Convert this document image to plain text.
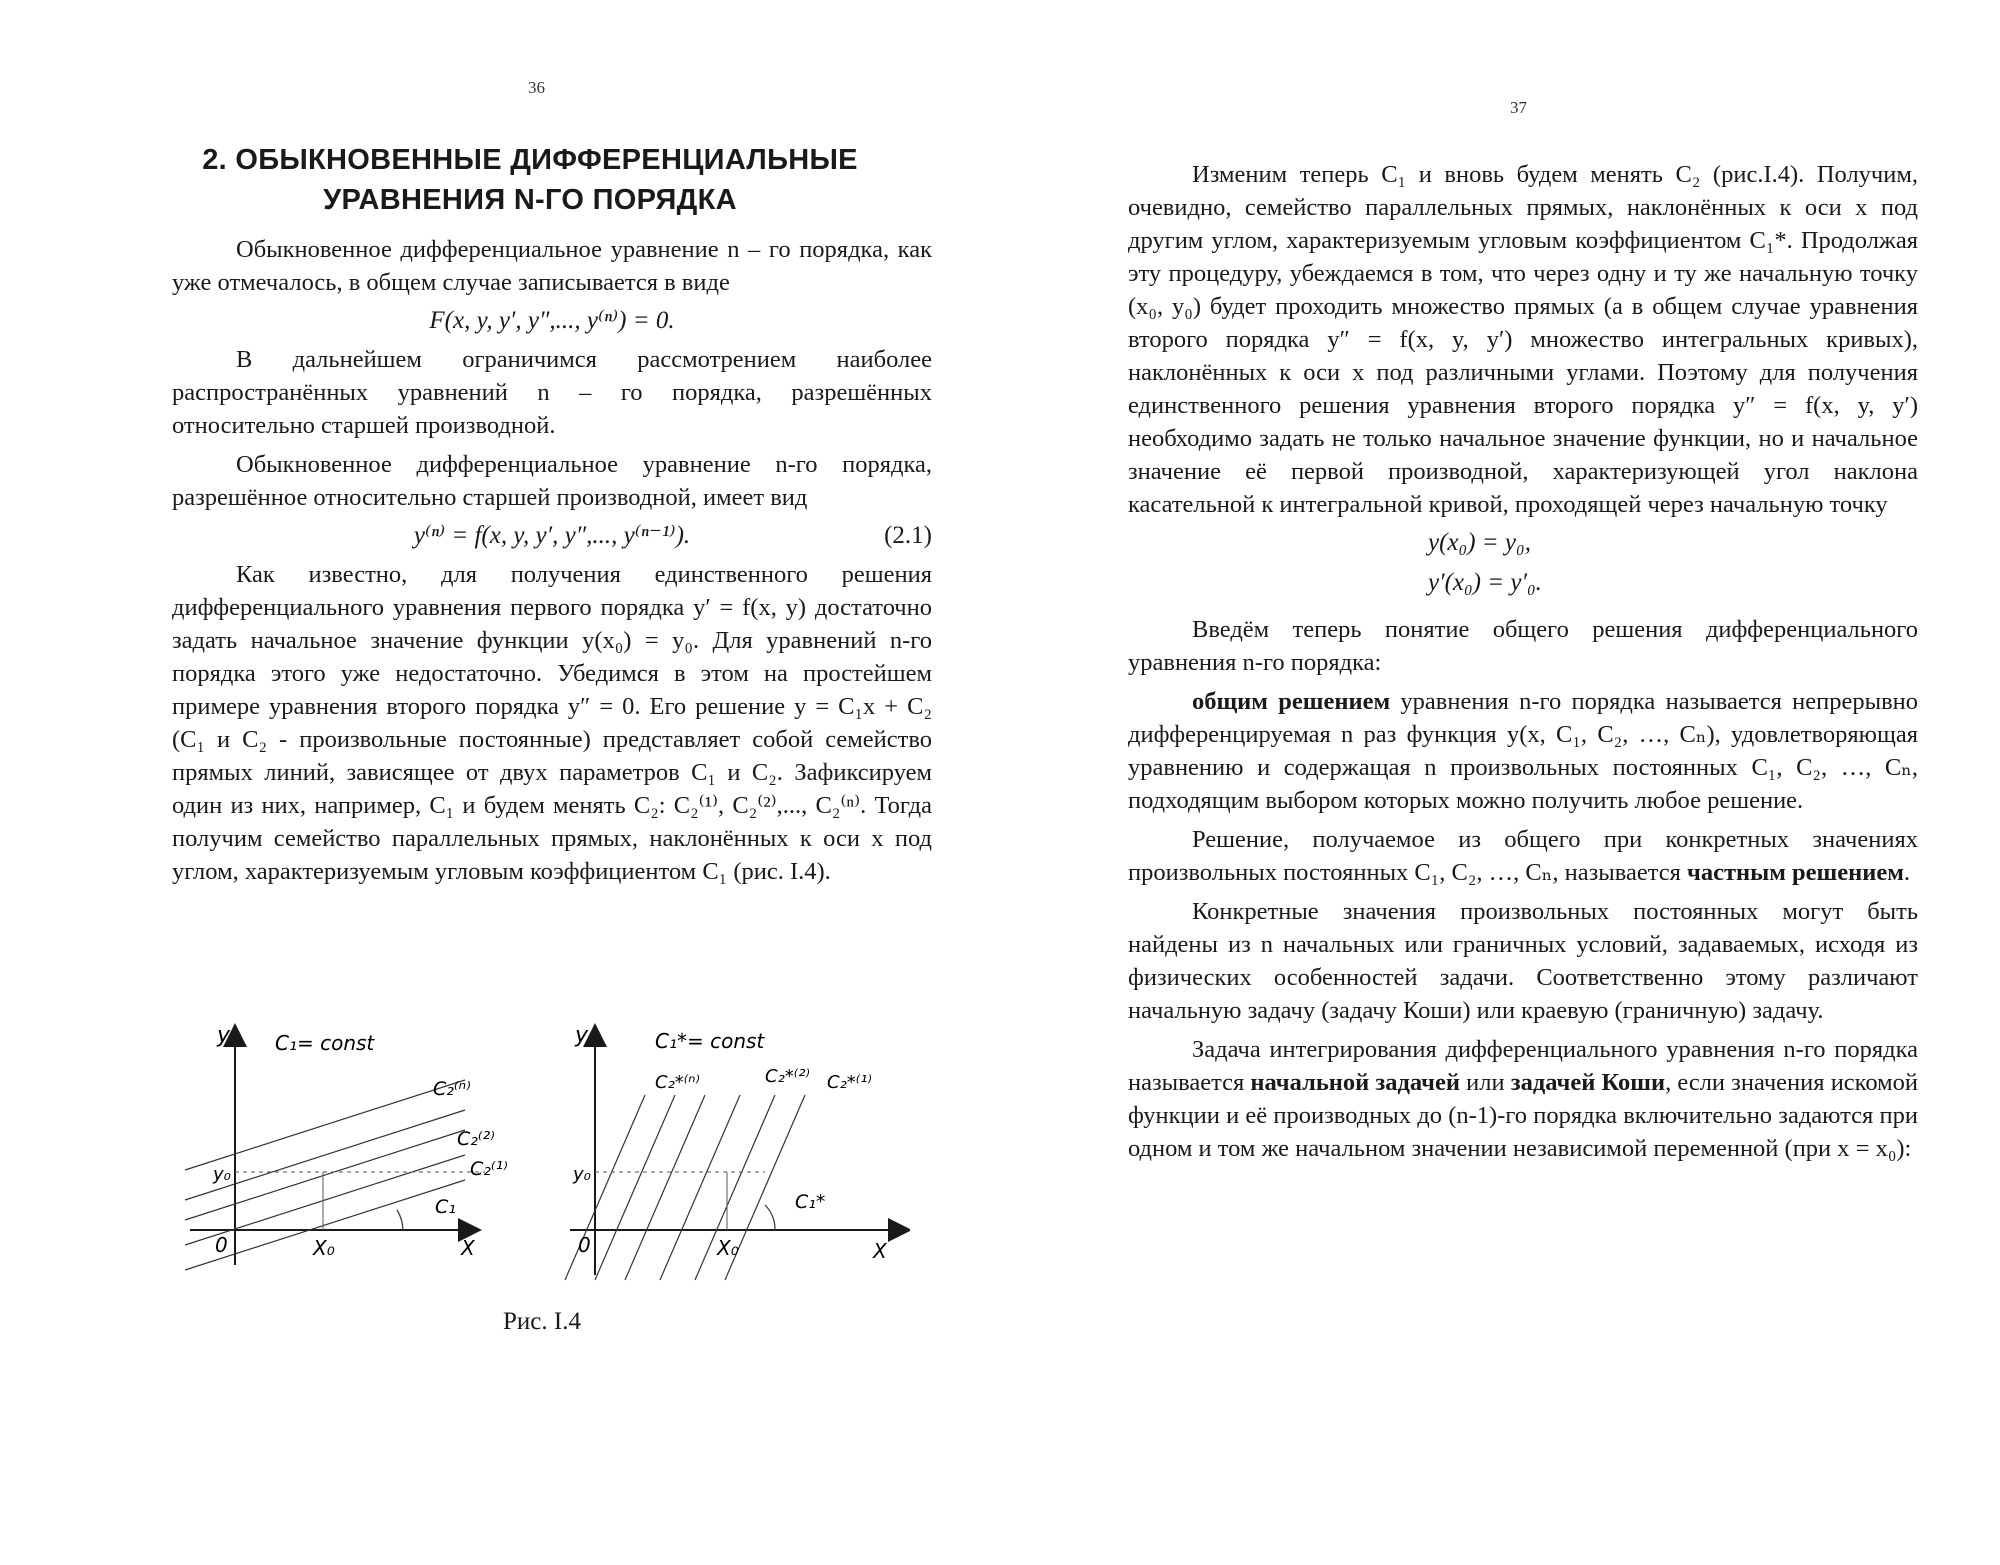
36
2. ОБЫКНОВЕННЫЕ ДИФФЕРЕНЦИАЛЬНЫЕ
УРАВНЕНИЯ N-ГО ПОРЯДКА

Обыкновенное дифференциальное уравнение n – го порядка, как уже отмечалось, в общем случае записывается в виде

F(x, y, y′, y″,..., y⁽ⁿ⁾) = 0.

В дальнейшем ограничимся рассмотрением наиболее распространённых уравнений n – го порядка, разрешённых относительно старшей производной.

Обыкновенное дифференциальное уравнение n-го порядка, разрешённое относительно старшей производной, имеет вид

y⁽ⁿ⁾ = f(x, y, y′, y″,..., y⁽ⁿ⁻¹⁾).	(2.1)

Как известно, для получения единственного решения дифференциального уравнения первого порядка y′ = f(x, y) достаточно задать начальное значение функции y(x₀) = y₀. Для уравнений n-го порядка этого уже недостаточно. Убедимся в этом на простейшем примере уравнения второго порядка y″ = 0. Его решение y = C₁x + C₂ (C₁ и C₂ - произвольные постоянные) представляет собой семейство прямых линий, зависящее от двух параметров C₁ и C₂. Зафиксируем один из них, например, C₁ и будем менять C₂: C₂⁽¹⁾, C₂⁽²⁾,..., C₂⁽ⁿ⁾. Тогда получим семейство параллельных прямых, наклонённых к оси x под углом, характеризуемым угловым коэффициентом C₁ (рис. I.4).

y C₁= const
C₂⁽ⁿ⁾
C₂⁽²⁾
C₂⁽¹⁾
C₁
y₀
0	X₀	X
y	C₁*= const
C₂*⁽ⁿ⁾	C₂*⁽²⁾ C₂*⁽¹⁾
C₁*
y₀
0	X₀	X
Рис. I.4
37

Изменим теперь C₁ и вновь будем менять C₂ (рис.I.4). Получим, очевидно, семейство параллельных прямых, наклонённых к оси x под другим углом, характеризуемым угловым коэффициентом C₁*. Продолжая эту процедуру, убеждаемся в том, что через одну и ту же начальную точку (x₀, y₀) будет проходить множество прямых (а в общем случае уравнения второго порядка y″ = f(x, y, y′) множество интегральных кривых), наклонённых к оси x под различными углами. Поэтому для получения единственного решения уравнения второго порядка y″ = f(x, y, y′) необходимо задать не только начальное значение функции, но и начальное значение её первой производной, характеризующей угол наклона касательной к интегральной кривой, проходящей через начальную точку

y(x₀) = y₀,
y′(x₀) = y′₀.

Введём теперь понятие общего решения дифференциального уравнения n-го порядка:

общим решением уравнения n-го порядка называется непрерывно дифференцируемая n раз функция y(x, C₁, C₂, …, Cₙ), удовлетворяющая уравнению и содержащая n произвольных постоянных C₁, C₂, …, Cₙ, подходящим выбором которых можно получить любое решение.

Решение, получаемое из общего при конкретных значениях произвольных постоянных C₁, C₂, …, Cₙ, называется частным решением.

Конкретные значения произвольных постоянных могут быть найдены из n начальных или граничных условий, задаваемых, исходя из физических особенностей задачи. Соответственно этому различают начальную задачу (задачу Коши) или краевую (граничную) задачу.

Задача интегрирования дифференциального уравнения n-го порядка называется начальной задачей или задачей Коши, если значения искомой функции и её производных до (n-1)-го порядка включительно задаются при одном и том же начальном значении независимой переменной (при x = x₀):
